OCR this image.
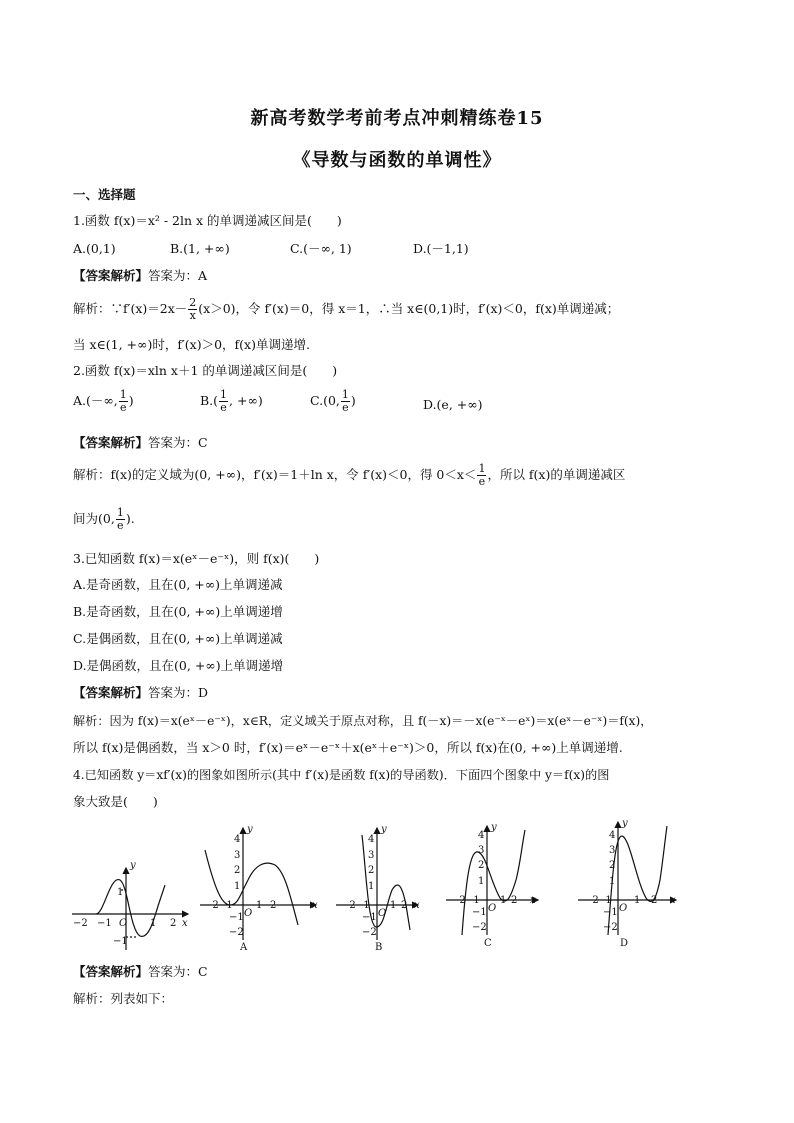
新高考数学考前考点冲刺精练卷15
《导数与函数的单调性》
一、选择题
1.函数 f(x)＝x² - 2ln x 的单调递减区间是(　　)
A.(0,1)	B.(1, +∞)	C.(－∞, 1)	D.(－1,1)
【答案解析】答案为：A
解析：∵f′(x)＝2x－ $\frac{2}{x} (x>0)$，令 f′(x)＝0，得 x＝1，∴当 x∈(0,1)时，f′(x)＜0，f(x)单调递减；
当 x∈(1, +∞)时，f′(x)＞0，f(x)单调递增.
2.函数 f(x)＝xln x＋1 的单调递减区间是(　　)
A.(－∞, $\frac{1}{e}$ )	$B.( \frac{1}{e}$ , +∞)	C.(0, $\frac{1}{e}$ )	D.(e, +∞)
【答案解析】答案为：C
解析：f(x)的定义域为(0, +∞)，f′(x)＝1＋ln x，令 f′(x)＜0，得 $0<x< \frac{1}{e}$ ，所以 f(x)的单调递减区
间为(0, $\frac{1}{e}$ ).
3.已知函数 f(x)＝x(eˣ－e⁻ˣ)，则 f(x)(　　)
A.是奇函数，且在(0, +∞)上单调递减
B.是奇函数，且在(0, +∞)上单调递增
C.是偶函数，且在(0, +∞)上单调递减
D.是偶函数，且在(0, +∞)上单调递增
【答案解析】答案为：D
解析：因为 f(x)＝x(eˣ－e⁻ˣ)，x∈R，定义域关于原点对称，且 f(－x)＝－x(e⁻ˣ－eˣ)＝x(eˣ－e⁻ˣ)＝f(x)，
所以 f(x)是偶函数，当 x＞0 时，f′(x)＝eˣ－e⁻ˣ＋x(eˣ＋e⁻ˣ)＞0，所以 f(x)在(0, +∞)上单调递增.
4.已知函数 y＝xf′(x)的图象如图所示(其中 f′(x)是函数 f(x)的导函数)．下面四个图象中 y＝f(x)的图
象大致是(　　)
y
1
−1
−2 −1 O 1 2 x
y
4
3
2
1
−1
−2
−2 −1
O
1 2	x
A
y
4
3
2
1
−1
−2
−2 −1
O
1 2 x
B
y
4
3
2
1
−1
−2
−2 −1
O
1 2 x
C
y
4
3
2
1
−1
−2
−2
−1
O
1 2 x
D
【答案解析】答案为：C
解析：列表如下：
